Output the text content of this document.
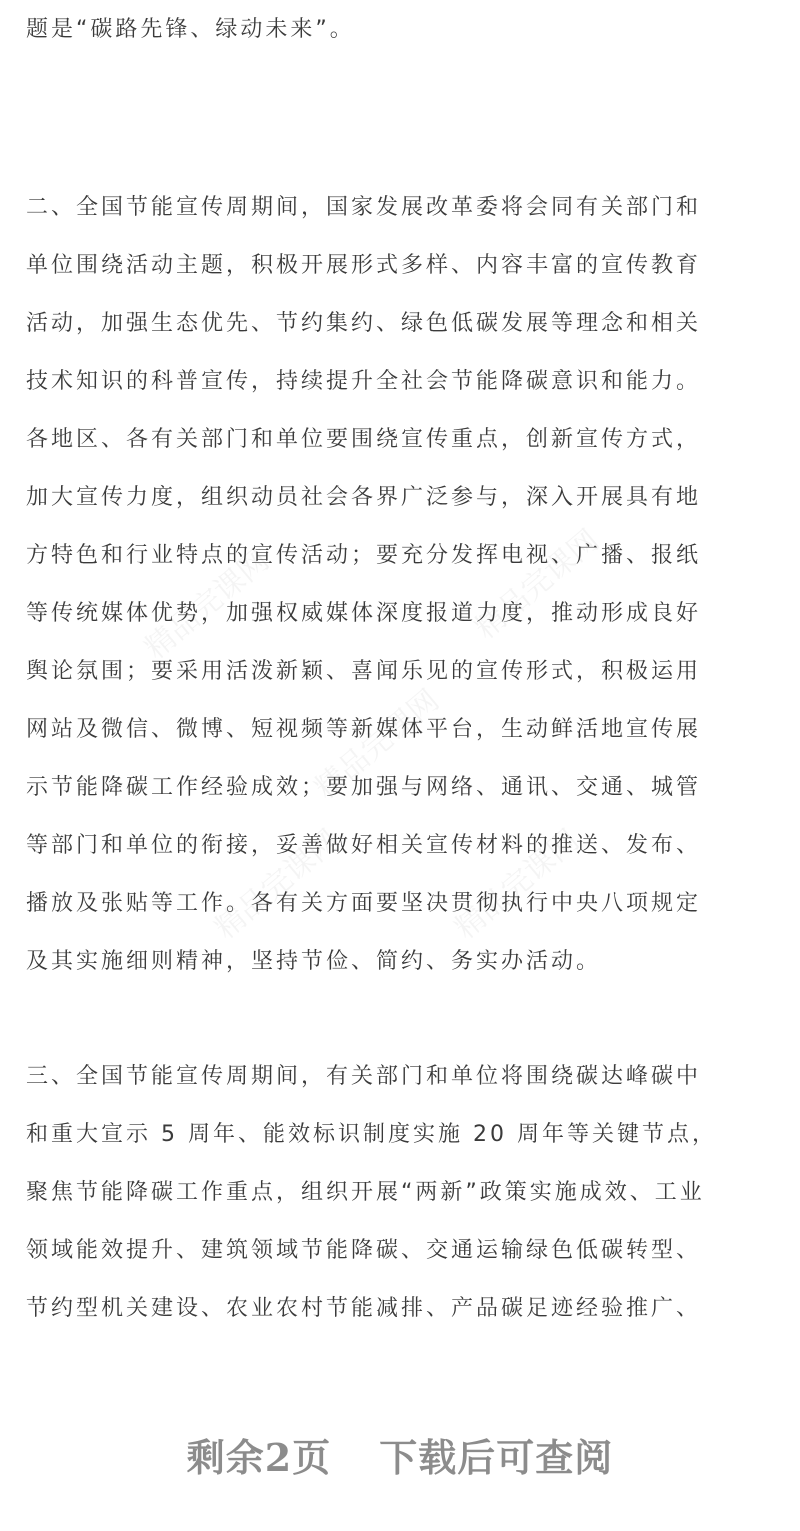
精品完课网	精品完课网
精品完课网
精品完课网	精品完课网
题是“碳路先锋、绿动未来”。
二、全国节能宣传周期间，国家发展改革委将会同有关部门和
单位围绕活动主题，积极开展形式多样、内容丰富的宣传教育
活动，加强生态优先、节约集约、绿色低碳发展等理念和相关
技术知识的科普宣传，持续提升全社会节能降碳意识和能力。
各地区、各有关部门和单位要围绕宣传重点，创新宣传方式，
加大宣传力度，组织动员社会各界广泛参与，深入开展具有地
方特色和行业特点的宣传活动；要充分发挥电视、广播、报纸
等传统媒体优势，加强权威媒体深度报道力度，推动形成良好
舆论氛围；要采用活泼新颖、喜闻乐见的宣传形式，积极运用
网站及微信、微博、短视频等新媒体平台，生动鲜活地宣传展
示节能降碳工作经验成效；要加强与网络、通讯、交通、城管
等部门和单位的衔接，妥善做好相关宣传材料的推送、发布、
播放及张贴等工作。各有关方面要坚决贯彻执行中央八项规定
及其实施细则精神，坚持节俭、简约、务实办活动。
三、全国节能宣传周期间，有关部门和单位将围绕碳达峰碳中
和重大宣示 5 周年、能效标识制度实施 20 周年等关键节点，
聚焦节能降碳工作重点，组织开展“两新”政策实施成效、工业
领域能效提升、建筑领域节能降碳、交通运输绿色低碳转型、
节约型机关建设、农业农村节能减排、产品碳足迹经验推广、
剩余2页 下载后可查阅
